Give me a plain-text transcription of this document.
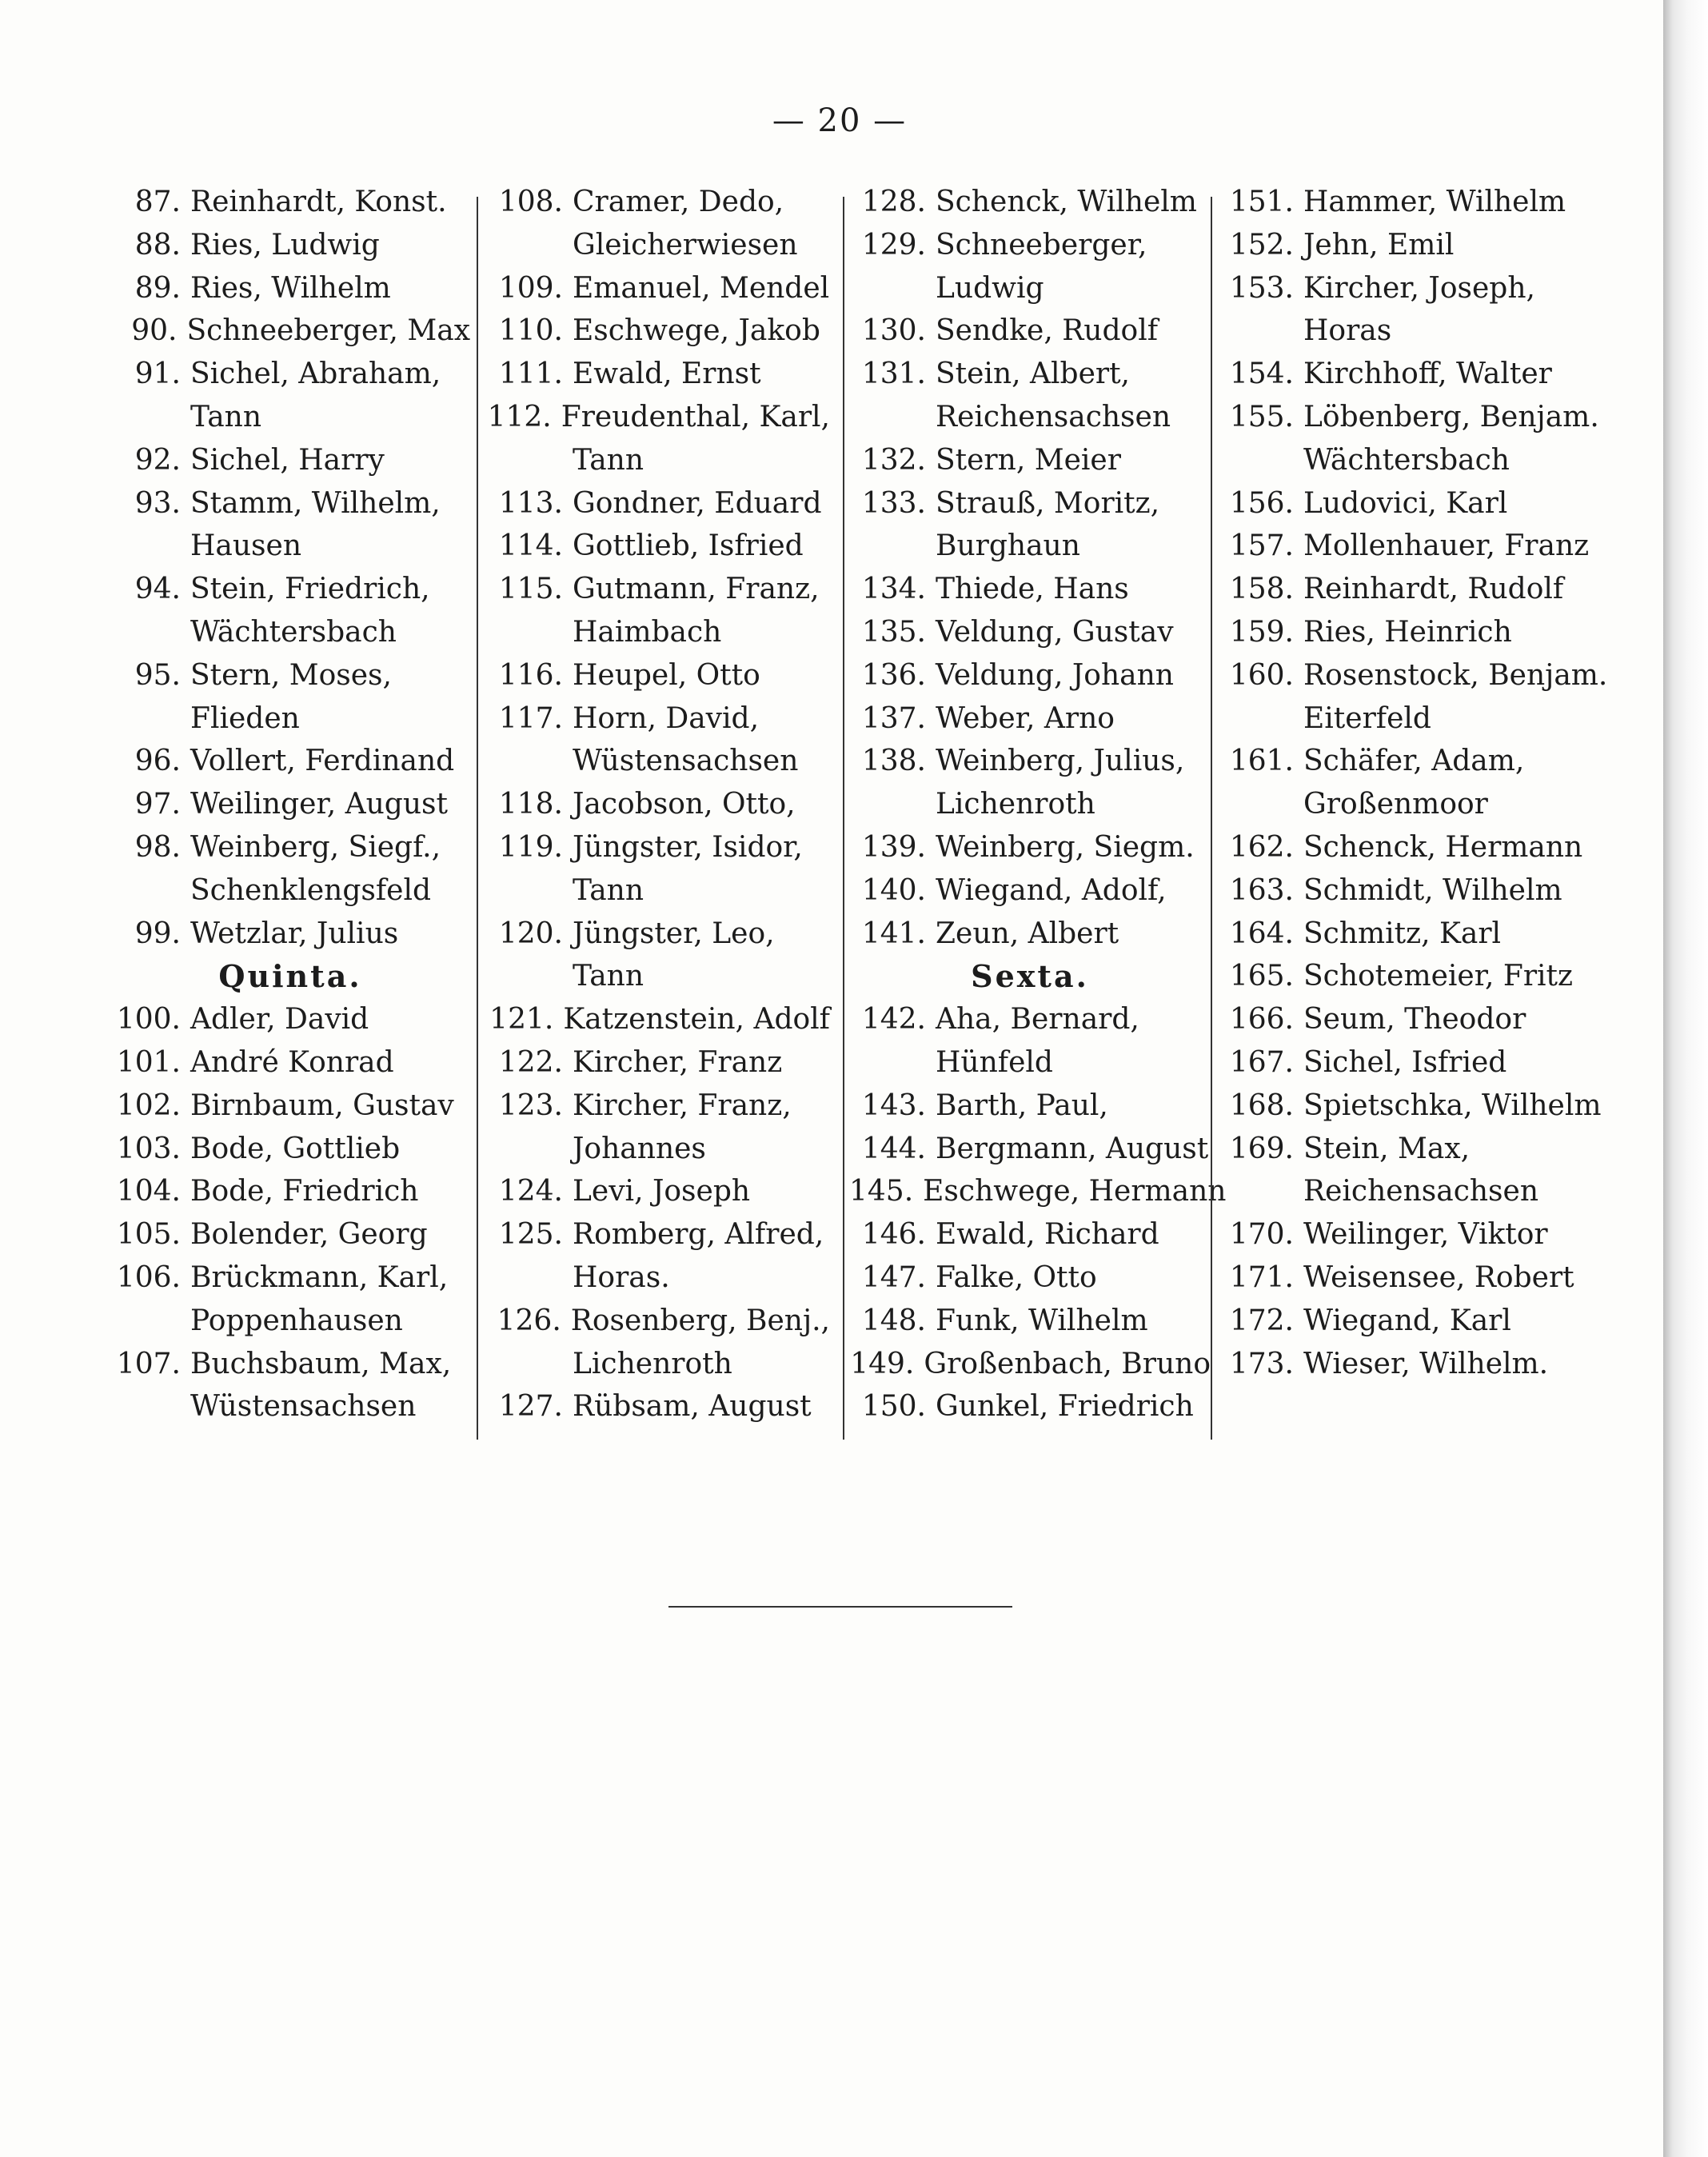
— 20 —
87. Reinhardt, Konst.
88. Ries, Ludwig
89. Ries, Wilhelm
90. Schneeberger, Max
91. Sichel, Abraham,
Tann
92. Sichel, Harry
93. Stamm, Wilhelm,
Hausen
94. Stein, Friedrich,
Wächtersbach
95. Stern, Moses,
Flieden
96. Vollert, Ferdinand
97. Weilinger, August
98. Weinberg, Siegf.,
Schenklengsfeld
99. Wetzlar, Julius
Quinta.
100. Adler, David
101. André Konrad
102. Birnbaum, Gustav
103. Bode, Gottlieb
104. Bode, Friedrich
105. Bolender, Georg
106. Brückmann, Karl,
Poppenhausen
107. Buchsbaum, Max,
Wüstensachsen
108. Cramer, Dedo,
Gleicherwiesen
109. Emanuel, Mendel
110. Eschwege, Jakob
111. Ewald, Ernst
112. Freudenthal, Karl,
Tann
113. Gondner, Eduard
114. Gottlieb, Isfried
115. Gutmann, Franz,
Haimbach
116. Heupel, Otto
117. Horn, David,
Wüstensachsen
118. Jacobson, Otto,
119. Jüngster, Isidor,
Tann
120. Jüngster, Leo,
Tann
121. Katzenstein, Adolf
122. Kircher, Franz
123. Kircher, Franz,
Johannes
124. Levi, Joseph
125. Romberg, Alfred,
Horas.
126. Rosenberg, Benj.,
Lichenroth
127. Rübsam, August
128. Schenck, Wilhelm
129. Schneeberger,
Ludwig
130. Sendke, Rudolf
131. Stein, Albert,
Reichensachsen
132. Stern, Meier
133. Strauß, Moritz,
Burghaun
134. Thiede, Hans
135. Veldung, Gustav
136. Veldung, Johann
137. Weber, Arno
138. Weinberg, Julius,
Lichenroth
139. Weinberg, Siegm.
140. Wiegand, Adolf,
141. Zeun, Albert
Sexta.
142. Aha, Bernard,
Hünfeld
143. Barth, Paul,
144. Bergmann, August
145. Eschwege, Hermann
146. Ewald, Richard
147. Falke, Otto
148. Funk, Wilhelm
149. Großenbach, Bruno
150. Gunkel, Friedrich
151. Hammer, Wilhelm
152. Jehn, Emil
153. Kircher, Joseph,
Horas
154. Kirchhoff, Walter
155. Löbenberg, Benjam.
Wächtersbach
156. Ludovici, Karl
157. Mollenhauer, Franz
158. Reinhardt, Rudolf
159. Ries, Heinrich
160. Rosenstock, Benjam.
Eiterfeld
161. Schäfer, Adam,
Großenmoor
162. Schenck, Hermann
163. Schmidt, Wilhelm
164. Schmitz, Karl
165. Schotemeier, Fritz
166. Seum, Theodor
167. Sichel, Isfried
168. Spietschka, Wilhelm
169. Stein, Max,
Reichensachsen
170. Weilinger, Viktor
171. Weisensee, Robert
172. Wiegand, Karl
173. Wieser, Wilhelm.
